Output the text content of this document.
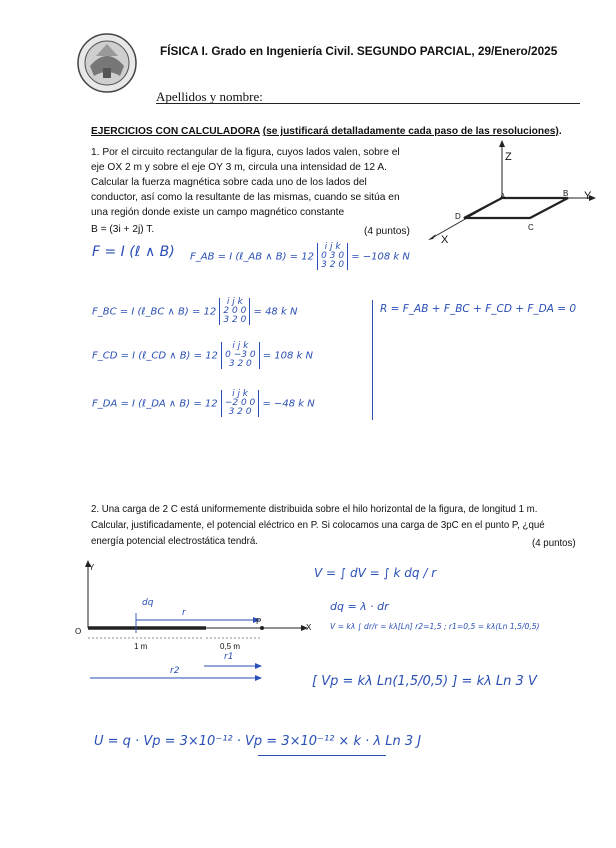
FÍSICA I. Grado en Ingeniería Civil. SEGUNDO PARCIAL, 29/Enero/2025
Apellidos y nombre:
EJERCICIOS CON CALCULADORA (se justificará detalladamente cada paso de las resoluciones).
1. Por el circuito rectangular de la figura, cuyos lados valen, sobre el
eje OX 2 m y sobre el eje OY 3 m, circula una intensidad de 12 A.
Calcular la fuerza magnética sobre cada uno de los lados del
conductor, así como la resultante de las mismas, cuando se sitúa en
una región donde existe un campo magnético constante
B = (3i + 2j) T.	(4 puntos)
Z
Y
X
A	B
C
D
F = I (ℓ ∧ B) F_AB = I (ℓ_AB ∧ B) = 12
i j k
0 3 0
3 2 0
= −108 k N
F_BC = I (ℓ_BC ∧ B) = 12
i j k
2 0 0
3 2 0
= 48 k N	R = F_AB + F_BC + F_CD + F_DA = 0
F_CD = I (ℓ_CD ∧ B) = 12
i j k
0 −3 0
3 2 0
= 108 k N
F_DA = I (ℓ_DA ∧ B) = 12
i j k
−2 0 0
3 2 0
= −48 k N
2. Una carga de 2 C está uniformemente distribuida sobre el hilo horizontal de la figura, de longitud 1 m.
Calcular, justificadamente, el potencial eléctrico en P. Si colocamos una carga de 3pC en el punto P, ¿qué
energía potencial electrostática tendrá.	(4 puntos)
Y
O	X
P
1 m	0,5 m
dq
r
r1
r2
V = ∫ dV = ∫ k dq / r
dq = λ · dr
V = kλ ∫ dr/r = kλ[Ln] r2=1,5 ; r1=0,5 = kλ(Ln 1,5/0,5)
[ Vp = kλ Ln(1,5/0,5) ] = kλ Ln 3 V
U = q · Vp = 3×10⁻¹² · Vp = 3×10⁻¹² × k · λ Ln 3 J
